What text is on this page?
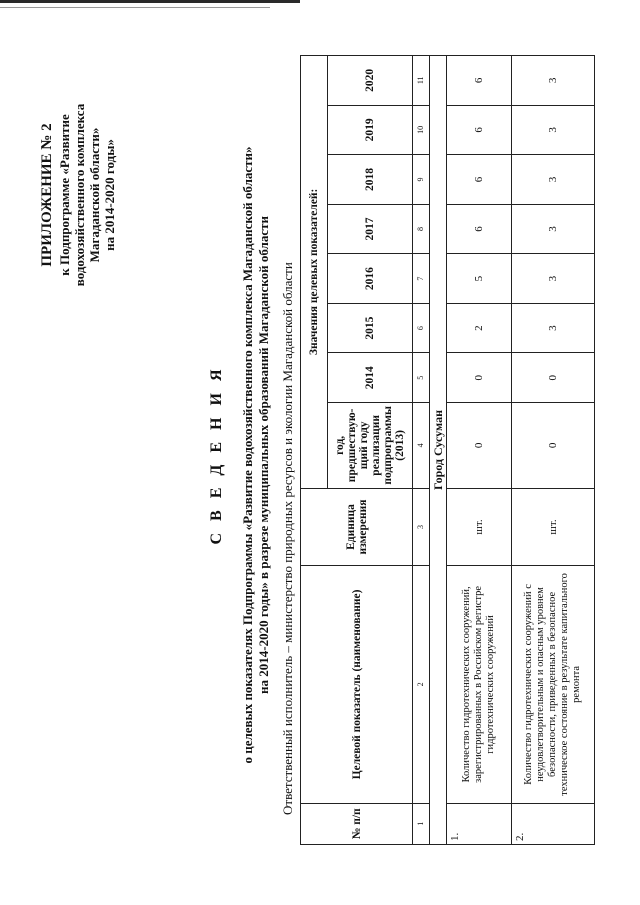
ПРИЛОЖЕНИЕ № 2 к Подпрограмме «Развитие водохозяйственного комплекса Магаданской области» на 2014-2020 годы»
С В Е Д Е Н И Я о целевых показателях Подпрограммы «Развитие водохозяйственного комплекса Магаданской области» на 2014-2020 годы» в разрезе муниципальных образований Магаданской области Ответственный исполнитель – министерство природных ресурсов и экологии Магаданской области
№ п/п	Целевой показатель (наименование)	Единица измерения	Значения целевых показателей:							
			год, предшествую-щий году реализации подпрограммы (2013)	2014	2015	2016	2017	2018	2019	2020
1	2	3	4	5	6	7	8	9	10	11
Город Сусуман										
1.	Количество гидротехнических сооружений, зарегистрированных в Российском регистре гидротехнических сооружений	шт.	0	0	2	5	6	6	6	6
2.	Количество гидротехнических сооружений с неудовлетворительным и опасным уровнем безопасности, приведенных в безопасное техническое состояние в результате капитального ремонта	шт.	0	0	3	3	3	3	3	3
